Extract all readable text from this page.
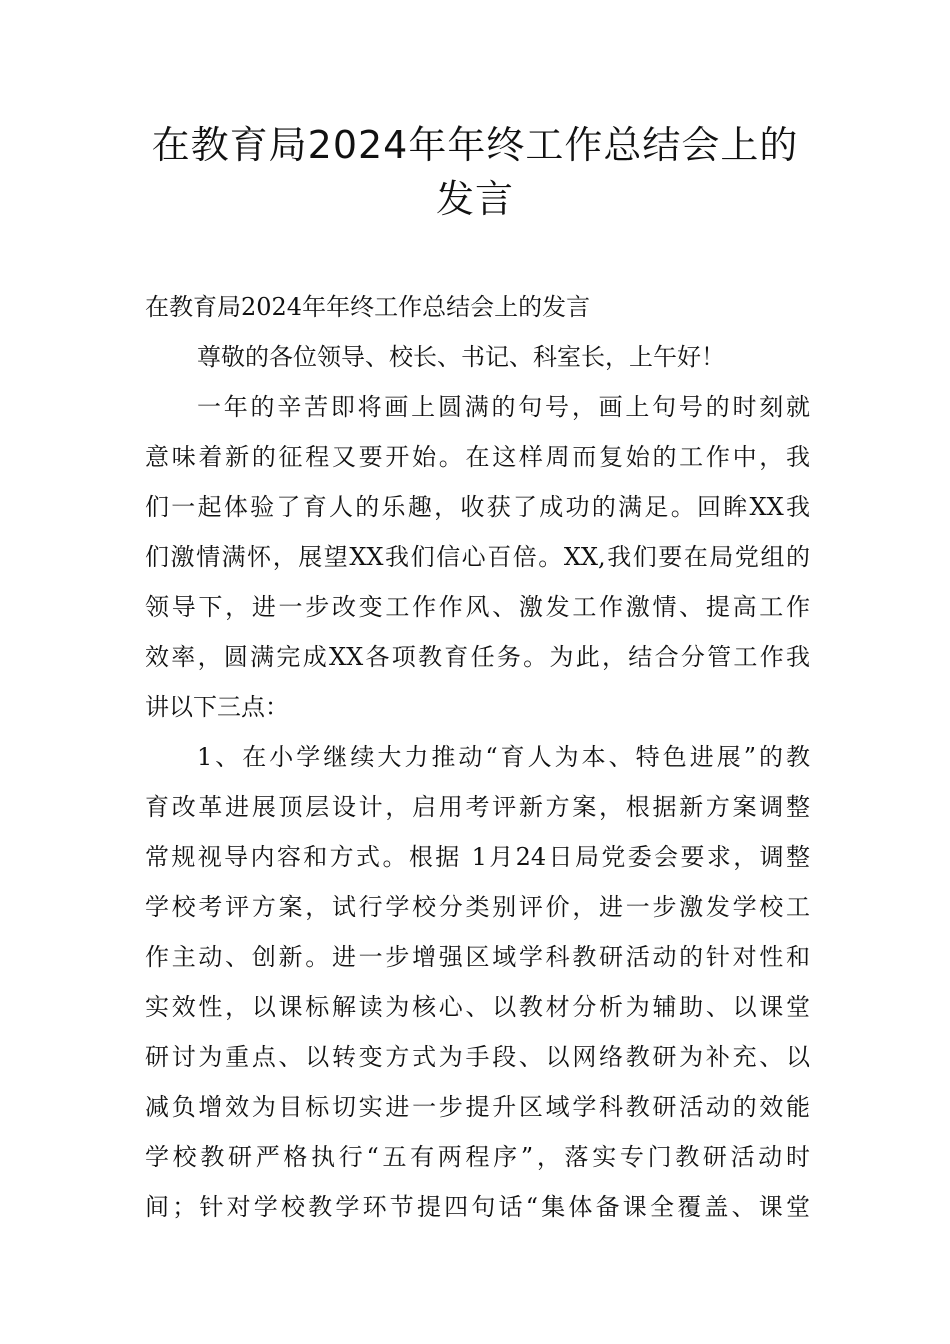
在教育局2024年年终工作总结会上的
发言
在教育局2024年年终工作总结会上的发言
尊敬的各位领导、校长、书记、科室长，上午好！
一年的辛苦即将画上圆满的句号，画上句号的时刻就
意味着新的征程又要开始。在这样周而复始的工作中，我
们一起体验了育人的乐趣，收获了成功的满足。回眸XX我
们激情满怀，展望XX我们信心百倍。XX,我们要在局党组的
领导下，进一步改变工作作风、激发工作激情、提高工作
效率，圆满完成XX各项教育任务。为此，结合分管工作我
讲以下三点：
1、在小学继续大力推动“育人为本、特色进展”的教
育改革进展顶层设计，启用考评新方案，根据新方案调整
常规视导内容和方式。根据 1月24日局党委会要求，调整
学校考评方案，试行学校分类别评价，进一步激发学校工
作主动、创新。进一步增强区域学科教研活动的针对性和
实效性，以课标解读为核心、以教材分析为辅助、以课堂
研讨为重点、以转变方式为手段、以网络教研为补充、以
减负增效为目标切实进一步提升区域学科教研活动的效能
学校教研严格执行“五有两程序”，落实专门教研活动时
间；针对学校教学环节提四句话“集体备课全覆盖、课堂
